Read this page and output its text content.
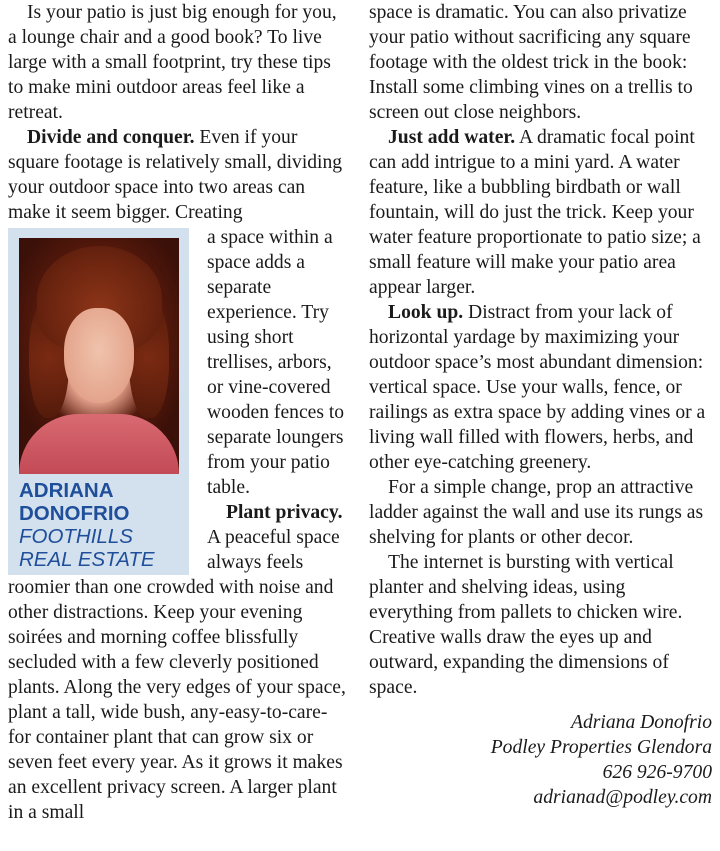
Is your patio is just big enough for you, a lounge chair and a good book? To live large with a small footprint, try these tips to make mini outdoor areas feel like a retreat.

Divide and conquer. Even if your square footage is relatively small, dividing your outdoor space into two areas can make it seem bigger. Creating

ADRIANA
DONOFRIO
FOOTHILLS
REAL ESTATE
a space within a space adds a separate experience. Try using short trellises, arbors, or vine-covered wooden fences to separate loungers from your patio table.

Plant privacy. A peaceful space always feels roomier than one crowded with noise and other distractions. Keep your evening soirées and morning coffee blissfully secluded with a few cleverly positioned plants. Along the very edges of your space, plant a tall, wide bush, any-easy-to-care-for container plant that can grow six or seven feet every year. As it grows it makes an excellent privacy screen. A larger plant in a small

space is dramatic. You can also privatize your patio without sacrificing any square footage with the oldest trick in the book: Install some climbing vines on a trellis to screen out close neighbors.

Just add water. A dramatic focal point can add intrigue to a mini yard. A water feature, like a bubbling birdbath or wall fountain, will do just the trick. Keep your water feature proportionate to patio size; a small feature will make your patio area appear larger.

Look up. Distract from your lack of horizontal yardage by maximizing your outdoor space’s most abundant dimension: vertical space. Use your walls, fence, or railings as extra space by adding vines or a living wall filled with flowers, herbs, and other eye-catching greenery.

For a simple change, prop an attractive ladder against the wall and use its rungs as shelving for plants or other decor.

The internet is bursting with vertical planter and shelving ideas, using everything from pallets to chicken wire. Creative walls draw the eyes up and outward, expanding the dimensions of space.

Adriana Donofrio
Podley Properties Glendora
626 926-9700
adrianad@podley.com
